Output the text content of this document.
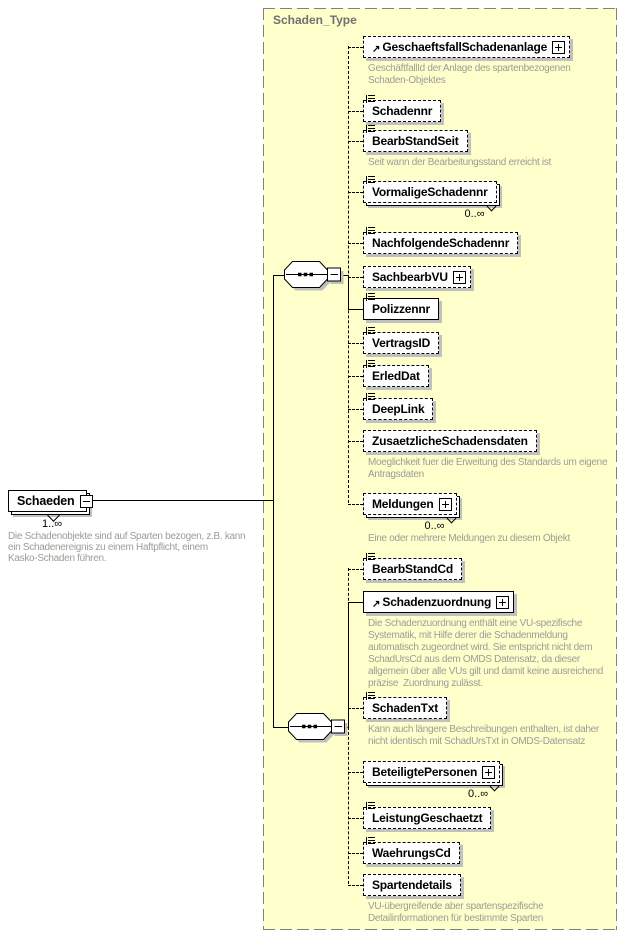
Schaden_Type
Schaeden
1..∞
Die Schadenobjekte sind auf Sparten bezogen, z.B. kann
ein Schadenereignis zu einem Haftpflicht, einem
Kasko-Schaden führen.
↗ GeschaeftsfallSchadenanlage
GeschäftfallId der Anlage des spartenbezogenen
Schaden-Objektes
Schadennr
BearbStandSeit
Seit wann der Bearbeitungsstand erreicht ist
VormaligeSchadennr
0..∞
NachfolgendeSchadennr
SachbearbVU
Polizzennr
VertragsID
ErledDat
DeepLink
ZusaetzlicheSchadensdaten
Moeglichkeit fuer die Erweitung des Standards um eigene
Antragsdaten
Meldungen
0..∞
Eine oder mehrere Meldungen zu diesem Objekt
BearbStandCd
↗ Schadenzuordnung
Die Schadenzuordnung enthält eine VU-spezifische
Systematik, mit Hilfe derer die Schadenmeldung
automatisch zugeordnet wird. Sie entspricht nicht dem
SchadUrsCd aus dem OMDS Datensatz, da dieser
allgemein über alle VUs gilt und damit keine ausreichend
präzise  Zuordnung zulässt.
SchadenTxt
Kann auch längere Beschreibungen enthalten, ist daher
nicht identisch mit SchadUrsTxt in OMDS-Datensatz
BeteiligtePersonen
0..∞
LeistungGeschaetzt
WaehrungsCd
Spartendetails
VU-übergreifende aber spartenspezifische
Detailinformationen für bestimmte Sparten
